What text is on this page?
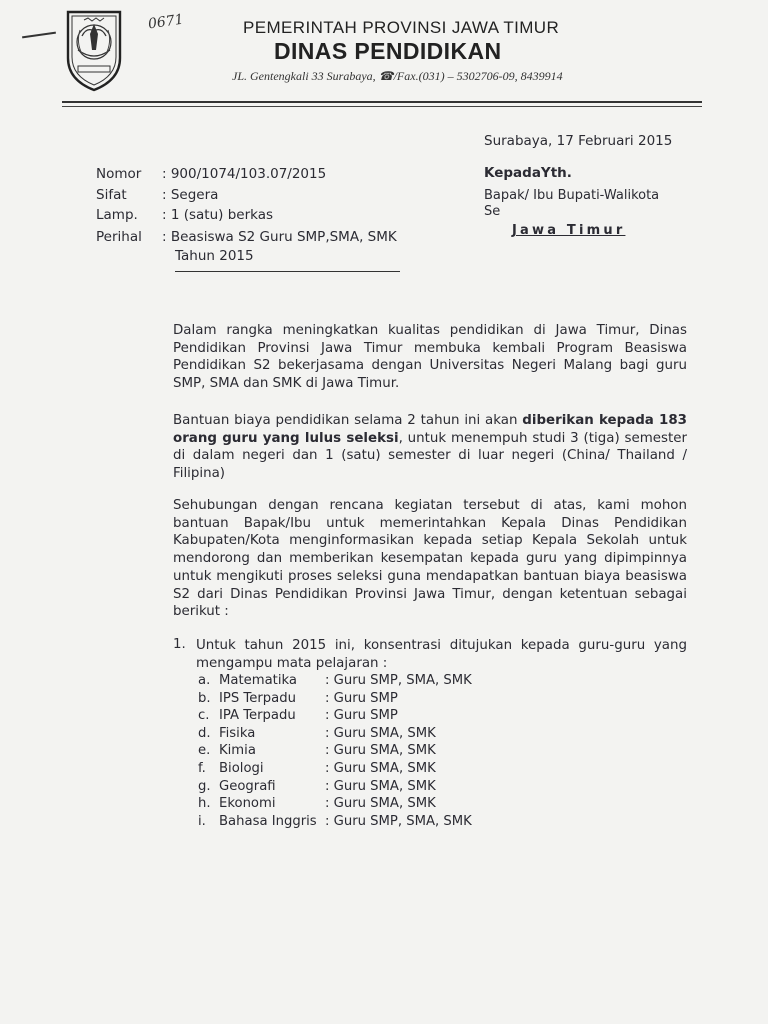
0671	PEMERINTAH PROVINSI JAWA TIMUR
DINAS PENDIDIKAN
JL. Gentengkali 33 Surabaya, ☎/Fax.(031) – 5302706-09, 8439914
Surabaya, 17 Februari 2015
KepadaYth.
Bapak/ Ibu Bupati-Walikota
Se
Jawa Timur
Nomor : 900/1074/103.07/2015
Sifat	: Segera
Lamp. : 1 (satu) berkas
Perihal : Beasiswa S2 Guru SMP,SMA, SMK
Tahun 2015

Dalam rangka meningkatkan kualitas pendidikan di Jawa Timur, Dinas Pendidikan Provinsi Jawa Timur membuka kembali Program Beasiswa Pendidikan S2 bekerjasama dengan Universitas Negeri Malang bagi guru SMP, SMA dan SMK di Jawa Timur.

Bantuan biaya pendidikan selama 2 tahun ini akan diberikan kepada 183 orang guru yang lulus seleksi, untuk menempuh studi 3 (tiga) semester di dalam negeri dan 1 (satu) semester di luar negeri (China/ Thailand / Filipina)

Sehubungan dengan rencana kegiatan tersebut di atas, kami mohon bantuan Bapak/Ibu untuk memerintahkan Kepala Dinas Pendidikan Kabupaten/Kota menginformasikan kepada setiap Kepala Sekolah untuk mendorong dan memberikan kesempatan kepada guru yang dipimpinnya untuk mengikuti proses seleksi guna mendapatkan bantuan biaya beasiswa S2 dari Dinas Pendidikan Provinsi Jawa Timur, dengan ketentuan sebagai berikut :

1. Untuk tahun 2015 ini, konsentrasi ditujukan kepada guru-guru yang mengampu mata pelajaran :

a. Matematika : Guru SMP, SMA, SMK
b. IPS Terpadu : Guru SMP
c. IPA Terpadu : Guru SMP
d. Fisika	: Guru SMA, SMK
e. Kimia	: Guru SMA, SMK
f. Biologi	: Guru SMA, SMK
g. Geografi	: Guru SMA, SMK
h. Ekonomi	: Guru SMA, SMK
i. Bahasa Inggris : Guru SMP, SMA, SMK
